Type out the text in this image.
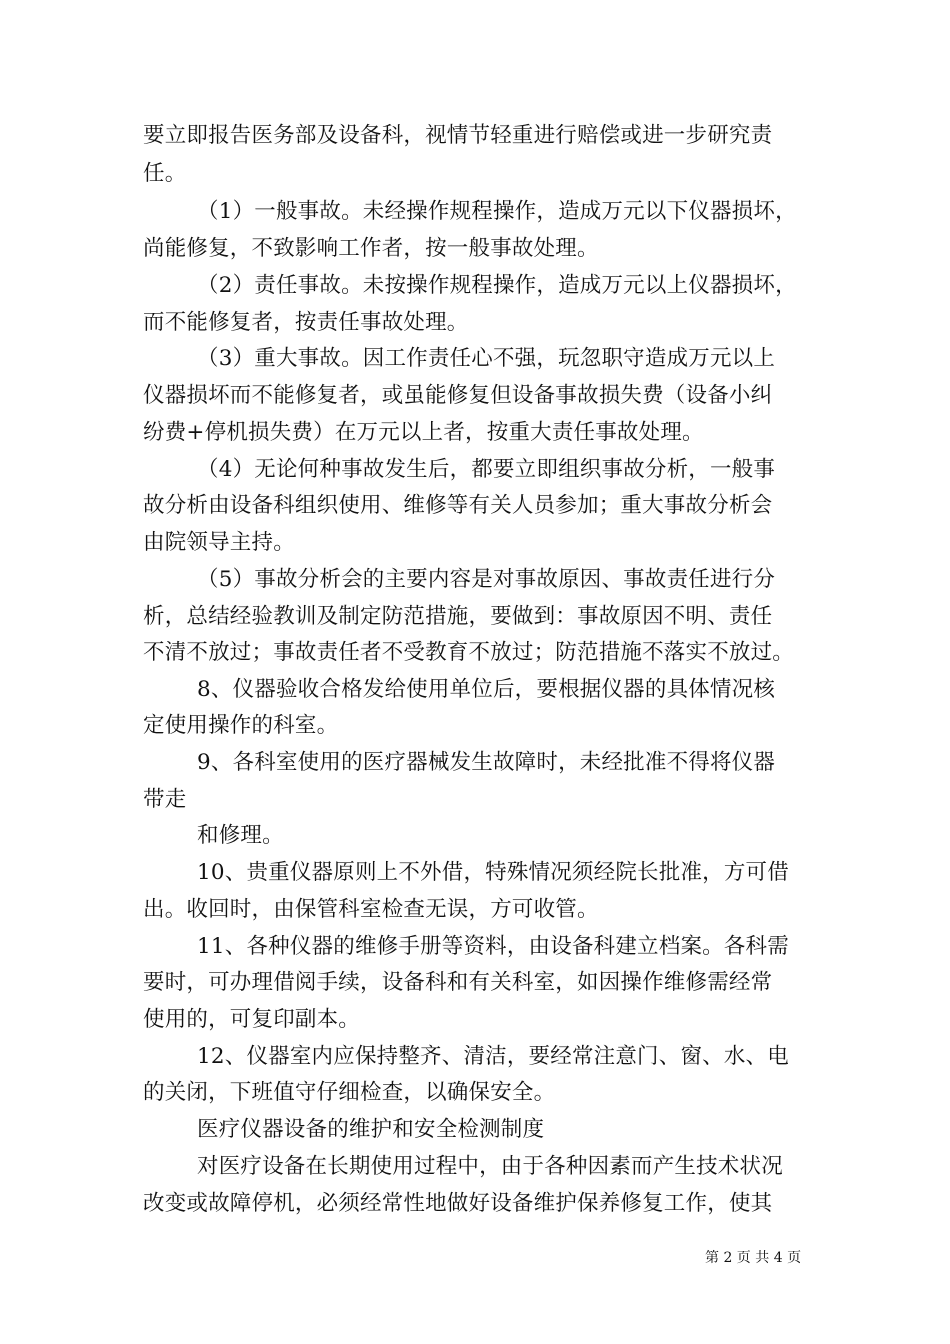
要立即报告医务部及设备科，视情节轻重进行赔偿或进一步研究责
任。
（1）一般事故。未经操作规程操作，造成万元以下仪器损坏，
尚能修复，不致影响工作者，按一般事故处理。
（2）责任事故。未按操作规程操作，造成万元以上仪器损坏，
而不能修复者，按责任事故处理。
（3）重大事故。因工作责任心不强，玩忽职守造成万元以上
仪器损坏而不能修复者，或虽能修复但设备事故损失费（设备小纠
纷费+停机损失费）在万元以上者，按重大责任事故处理。
（4）无论何种事故发生后，都要立即组织事故分析，一般事
故分析由设备科组织使用、维修等有关人员参加；重大事故分析会
由院领导主持。
（5）事故分析会的主要内容是对事故原因、事故责任进行分
析，总结经验教训及制定防范措施，要做到：事故原因不明、责任
不清不放过；事故责任者不受教育不放过；防范措施不落实不放过。
8、仪器验收合格发给使用单位后，要根据仪器的具体情况核
定使用操作的科室。
9、各科室使用的医疗器械发生故障时，未经批准不得将仪器
带走
和修理。
10、贵重仪器原则上不外借，特殊情况须经院长批准，方可借
出。收回时，由保管科室检查无误，方可收管。
11、各种仪器的维修手册等资料，由设备科建立档案。各科需
要时，可办理借阅手续，设备科和有关科室，如因操作维修需经常
使用的，可复印副本。
12、仪器室内应保持整齐、清洁，要经常注意门、窗、水、电
的关闭，下班值守仔细检查，以确保安全。
医疗仪器设备的维护和安全检测制度
对医疗设备在长期使用过程中，由于各种因素而产生技术状况
改变或故障停机，必须经常性地做好设备维护保养修复工作，使其
第 2 页 共 4 页
